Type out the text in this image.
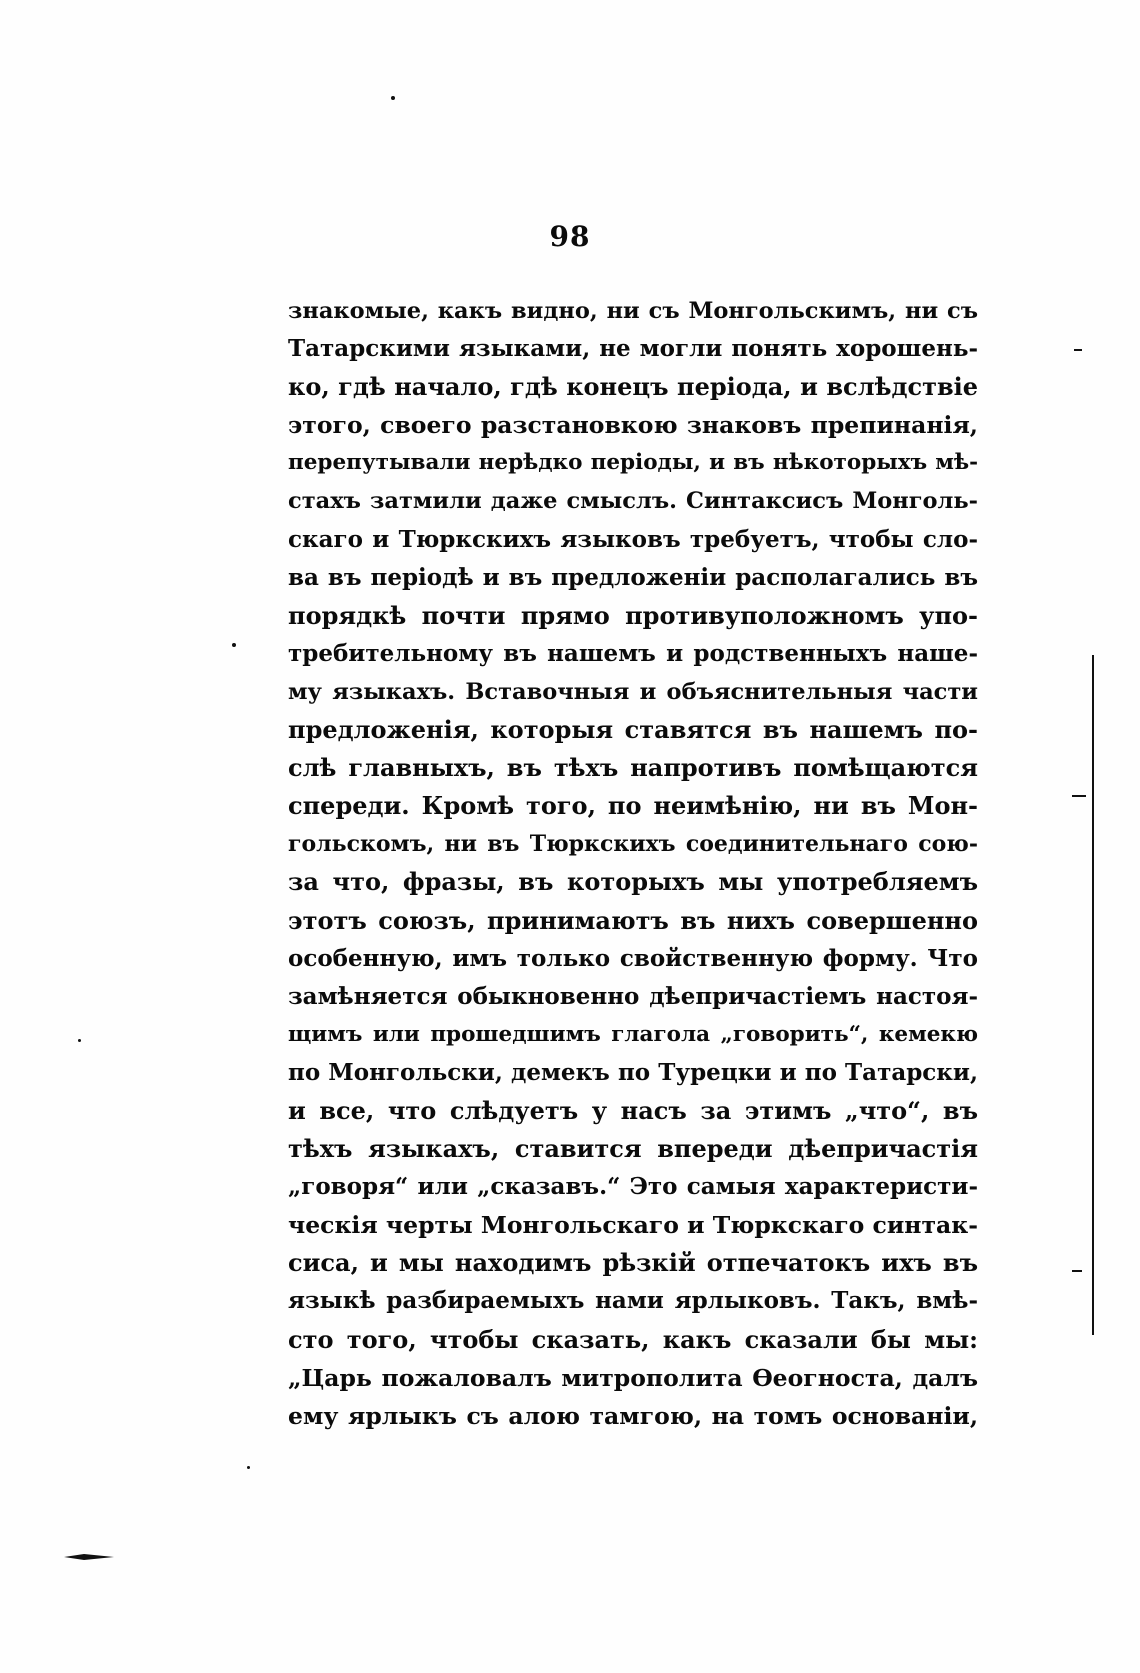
98
знакомые, какъ видно, ни съ Монгольскимъ, ни съ
Татарскими языками, не могли понять хорошень-
ко, гдѣ начало, гдѣ конецъ періода, и вслѣдствіе
этого, своего разстановкою знаковъ препинанія,
перепутывали нерѣдко періоды, и въ нѣкоторыхъ мѣ-
стахъ затмили даже смыслъ. Синтаксисъ Монголь-
скаго и Тюркскихъ языковъ требуетъ, чтобы сло-
ва въ періодѣ и въ предложеніи располагались въ
порядкѣ почти прямо противуположномъ упо-
требительному въ нашемъ и родственныхъ наше-
му языкахъ. Вставочныя и объяснительныя части
предложенія, которыя ставятся въ нашемъ по-
слѣ главныхъ, въ тѣхъ напротивъ помѣщаются
спереди. Кромѣ того, по неимѣнію, ни въ Мон-
гольскомъ, ни въ Тюркскихъ соединительнаго сою-
за что, фразы, въ которыхъ мы употребляемъ
этотъ союзъ, принимаютъ въ нихъ совершенно
особенную, имъ только свойственную форму. Что
замѣняется обыкновенно дѣепричастіемъ настоя-
щимъ или прошедшимъ глагола „говорить“, кемекю
по Монгольски, демекъ по Турецки и по Татарски,
и все, что слѣдуетъ у насъ за этимъ „что“, въ
тѣхъ языкахъ, ставится впереди дѣепричастія
„говоря“ или „сказавъ.“ Это самыя характеристи-
ческія черты Монгольскаго и Тюркскаго синтак-
сиса, и мы находимъ рѣзкій отпечатокъ ихъ въ
языкѣ разбираемыхъ нами ярлыковъ. Такъ, вмѣ-
сто того, чтобы сказать, какъ сказали бы мы:
„Царь пожаловалъ митрополита Ѳеогноста, далъ
ему ярлыкъ съ алою тамгою, на томъ основаніи,
